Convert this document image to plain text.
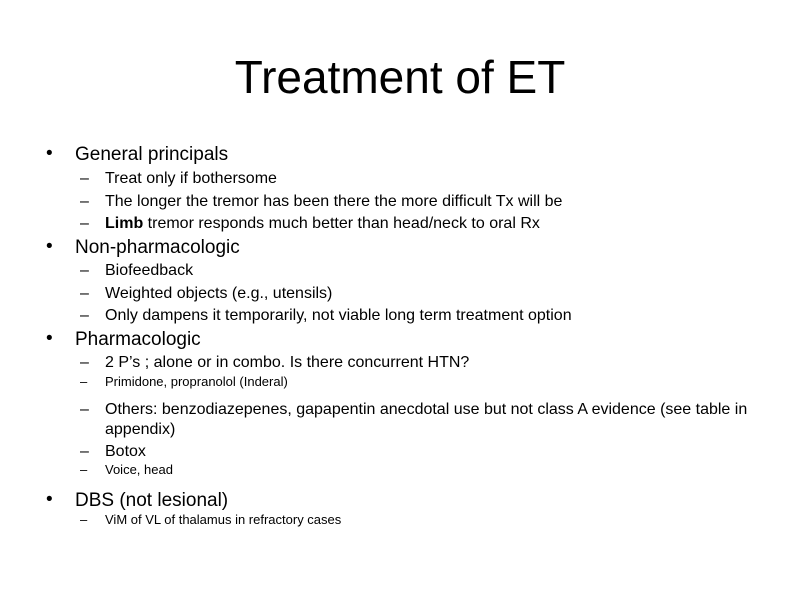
Treatment of ET
• General principals
– Treat only if bothersome
– The longer the tremor has been there the more difficult Tx will be
– Limb tremor responds much better than head/neck to oral Rx
• Non-pharmacologic
– Biofeedback
– Weighted objects (e.g., utensils)
– Only dampens it temporarily, not viable long term treatment option
• Pharmacologic
– 2 P’s ; alone or in combo. Is there concurrent HTN?
– Primidone, propranolol (Inderal)
– Others: benzodiazepenes, gapapentin anecdotal use but not class A evidence (see table in appendix)
– Botox
– Voice, head
• DBS (not lesional)
– ViM of VL of thalamus in refractory cases
